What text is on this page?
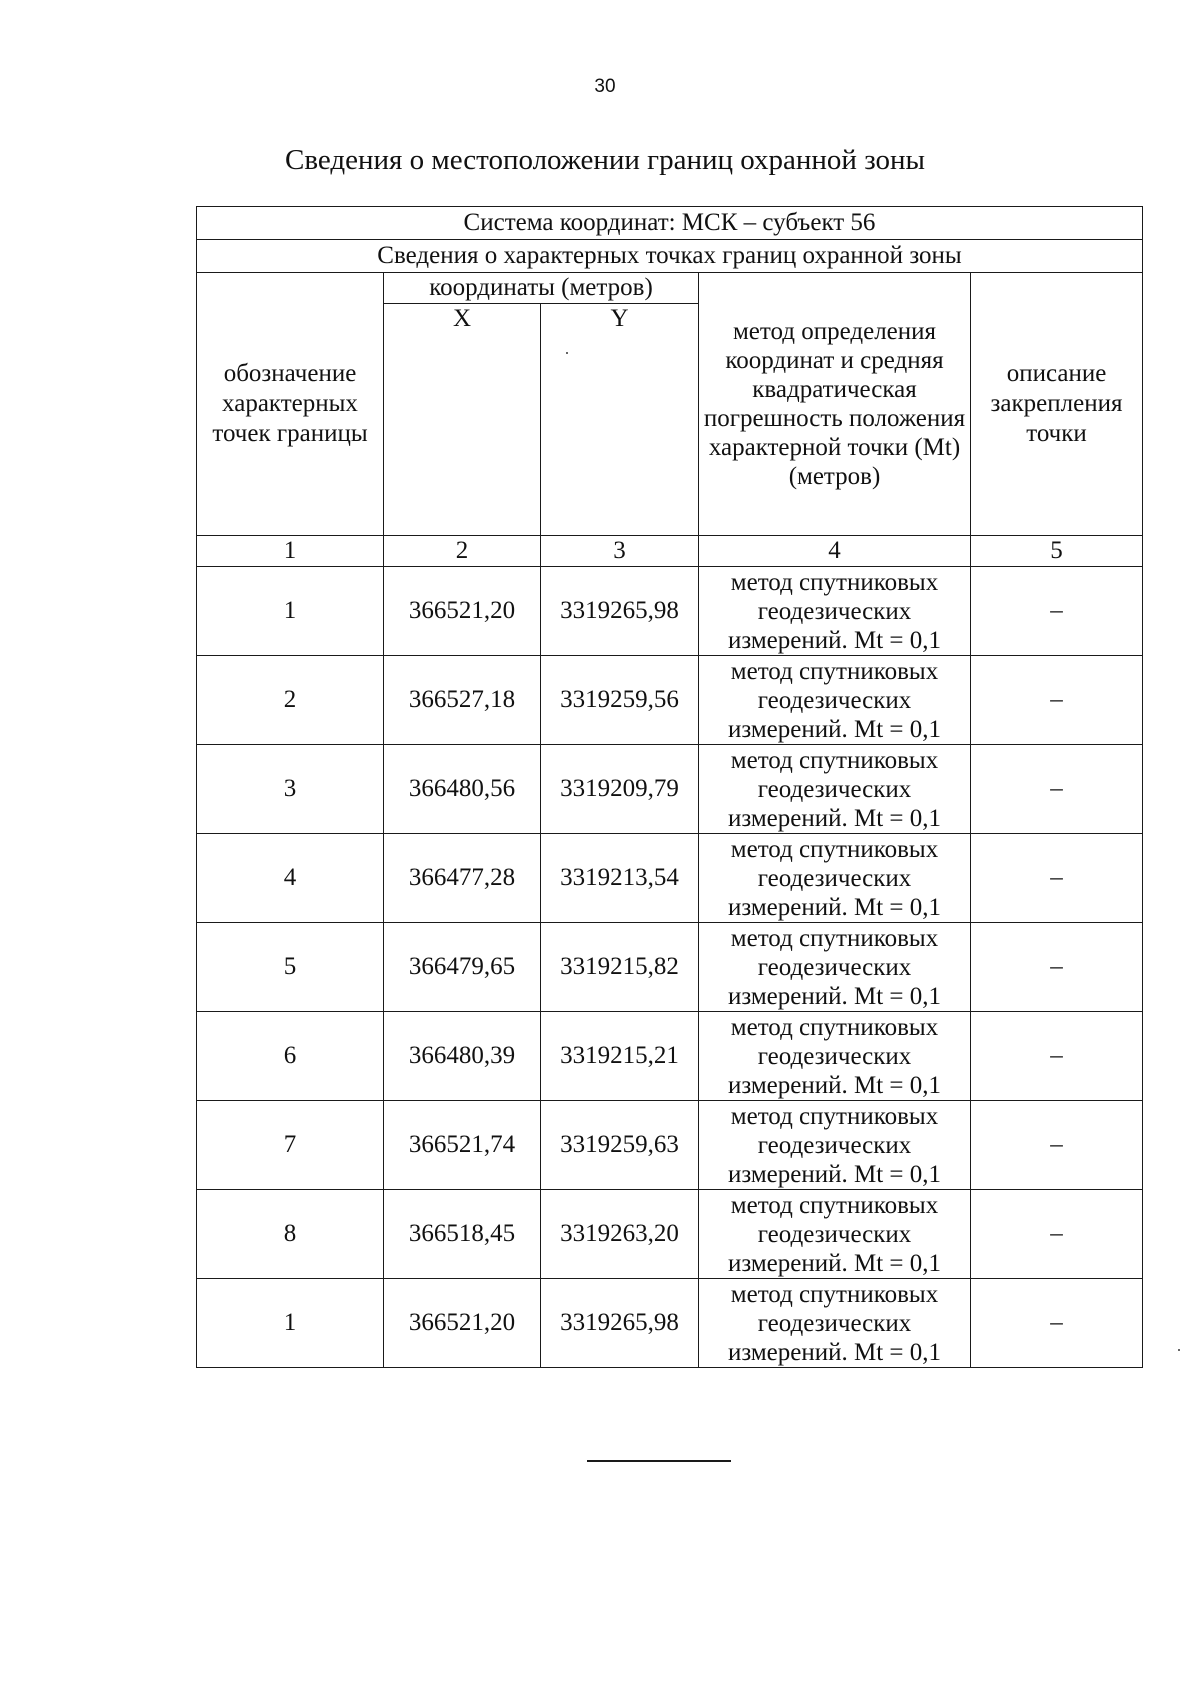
30
Сведения о местоположении границ охранной зоны
Система координат: МСК – субъект 56				
Сведения о характерных точках границ охранной зоны				
обозначение характерных точек границы	координаты (метров)		метод определения координат и средняя квадратическая погрешность положения характерной точки (Mt) (метров)	описание закрепления точки
	X	Y		

1	2	3	4	5
1	366521,20	3319265,98	метод спутниковых
геодезических
измерений. Mt = 0,1	–
2	366527,18	3319259,56	метод спутниковых
геодезических
измерений. Mt = 0,1	–
3	366480,56	3319209,79	метод спутниковых
геодезических
измерений. Mt = 0,1	–
4	366477,28	3319213,54	метод спутниковых
геодезических
измерений. Mt = 0,1	–
5	366479,65	3319215,82	метод спутниковых
геодезических
измерений. Mt = 0,1	–
6	366480,39	3319215,21	метод спутниковых
геодезических
измерений. Mt = 0,1	–
7	366521,74	3319259,63	метод спутниковых
геодезических
измерений. Mt = 0,1	–
8	366518,45	3319263,20	метод спутниковых
геодезических
измерений. Mt = 0,1	–
1	366521,20	3319265,98	метод спутниковых
геодезических
измерений. Mt = 0,1	–
